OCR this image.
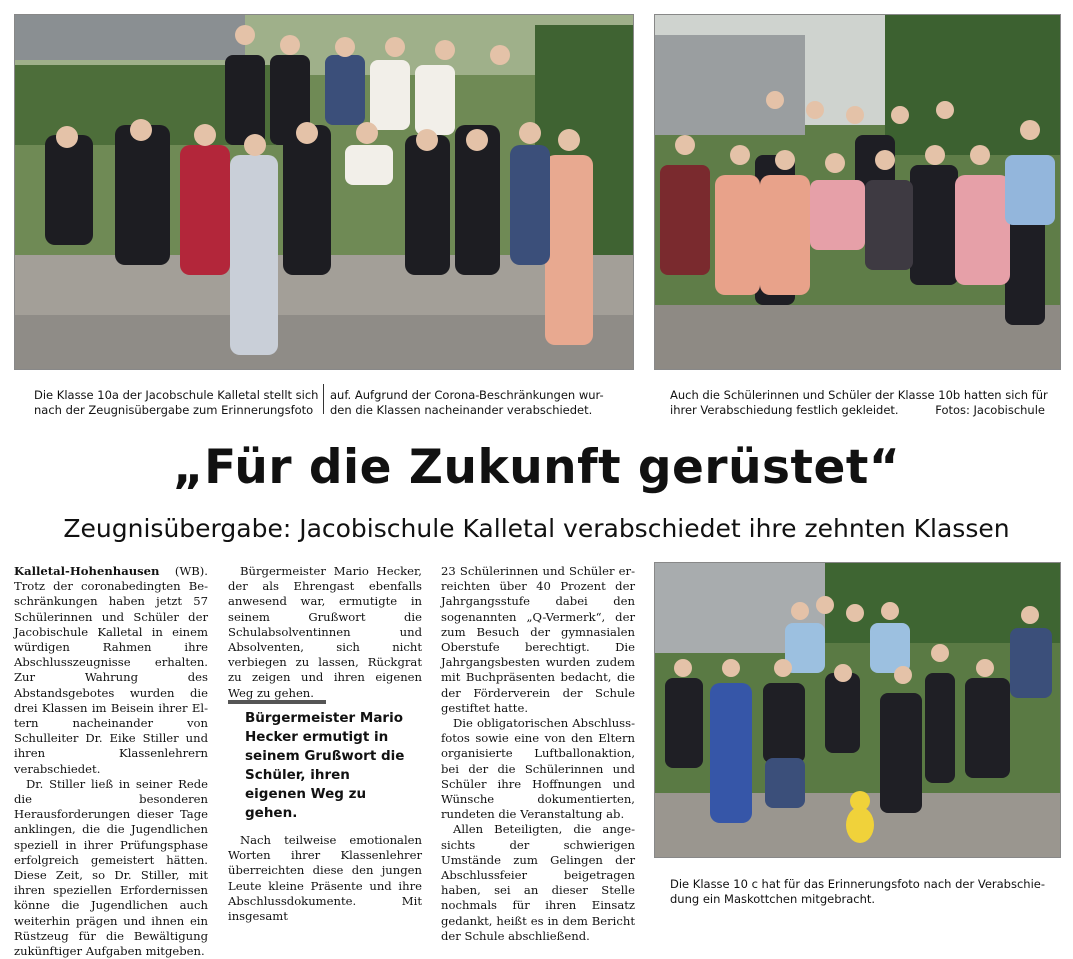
Die Klasse 10a der Jacobschule Kalletal stellt sich
nach der Zeugnisübergabe zum Erinnerungsfoto
auf. Aufgrund der Corona-Beschränkungen wur-
den die Klassen nacheinander verabschiedet.
Auch die Schülerinnen und Schüler der Klasse 10b hatten sich für
ihrer Verabschiedung festlich gekleidet.	Fotos: Jacobischule
„Für die Zukunft gerüstet“
Zeugnisübergabe: Jacobischule Kalletal verabschiedet ihre zehnten Klassen

Kalletal-Hohenhausen (WB). Trotz der coronabedingten Beschränkungen haben jetzt 57 Schülerinnen und Schüler der Jacobischule Kalletal in einem würdigen Rahmen ihre Abschlusszeugnisse erhalten. Zur Wahrung des Abstandsgebotes wurden die drei Klassen im Beisein ihrer Eltern nacheinander von Schulleiter Dr. Eike Stiller und ihren Klassenlehrern verabschiedet.

Dr. Stiller ließ in seiner Rede die besonderen Herausforderungen dieser Tage anklingen, die die Jugendlichen speziell in ihrer Prüfungsphase erfolgreich gemeistert hätten. Diese Zeit, so Dr. Stiller, mit ihren speziellen Erfordernissen könne die Jugendlichen auch weiterhin prägen und ihnen ein Rüstzeug für die Bewältigung zukünftiger Aufgaben mitgeben.

Bürgermeister Mario Hecker, der als Ehrengast ebenfalls anwesend war, ermutigte in seinem Grußwort die Schulabsolventinnen und Absolventen, sich nicht verbiegen zu lassen, Rückgrat zu zeigen und ihren eigenen Weg zu gehen.

Bürgermeister Mario Hecker ermutigt in seinem Grußwort die Schüler, ihren eigenen Weg zu gehen.

Nach teilweise emotionalen Worten ihrer Klassenlehrer überreichten diese den jungen Leute kleine Präsente und ihre Abschlussdokumente. Mit insgesamt

23 Schülerinnen und Schüler erreichten über 40 Prozent der Jahrgangsstufe dabei den sogenannten „Q-Vermerk“, der zum Besuch der gymnasialen Oberstufe berechtigt. Die Jahrgangsbesten wurden zudem mit Buchpräsenten bedacht, die der Förderverein der Schule gestiftet hatte.

Die obligatorischen Abschlussfotos sowie eine von den Eltern organisierte Luftballonaktion, bei der die Schülerinnen und Schüler ihre Hoffnungen und Wünsche dokumentierten, rundeten die Veranstaltung ab.

Allen Beteiligten, die angesichts der schwierigen Umstände zum Gelingen der Abschlussfeier beigetragen haben, sei an dieser Stelle nochmals für ihren Einsatz gedankt, heißt es in dem Bericht der Schule abschließend.

Die Klasse 10 c hat für das Erinnerungsfoto nach der Verabschie-
dung ein Maskottchen mitgebracht.
